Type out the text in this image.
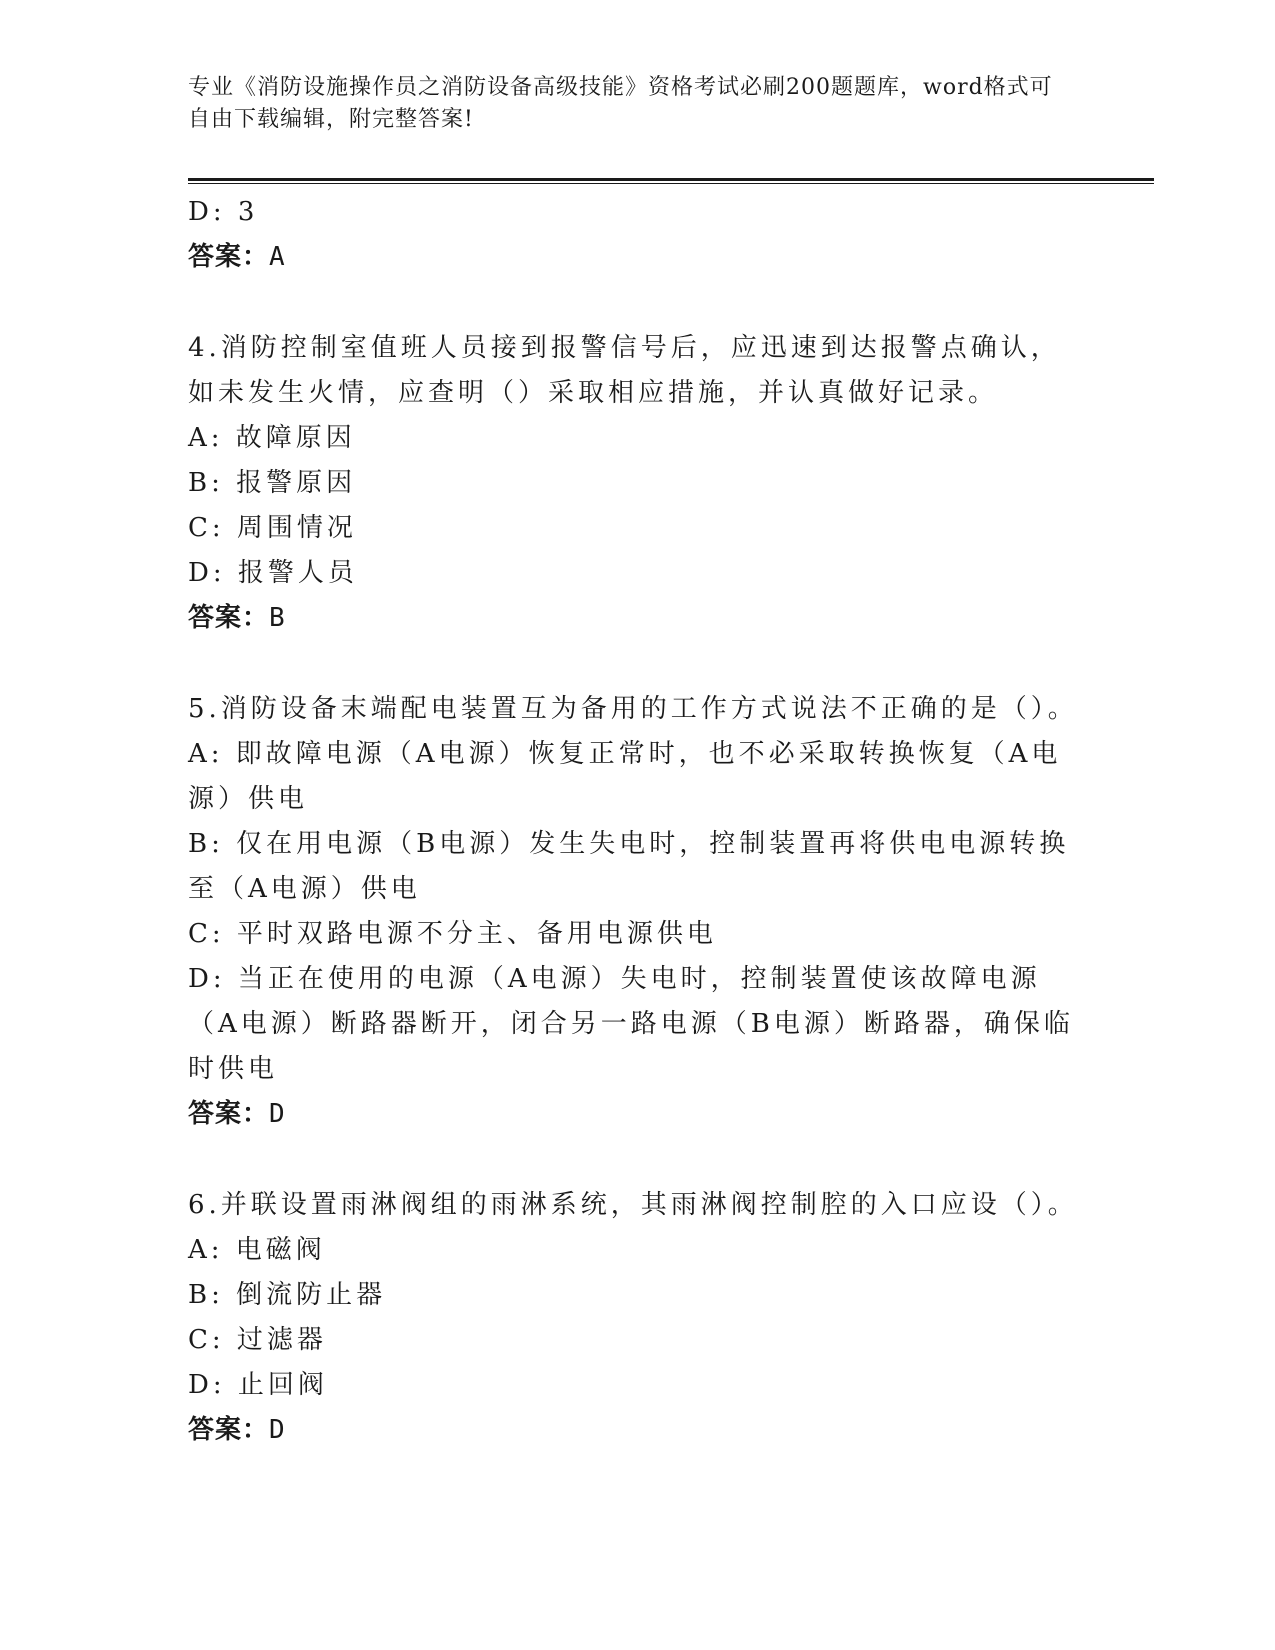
专业《消防设施操作员之消防设备高级技能》资格考试必刷200题题库，word格式可自由下载编辑，附完整答案!
D: 3
答案：A
4.消防控制室值班人员接到报警信号后，应迅速到达报警点确认，如未发生火情，应查明（）采取相应措施，并认真做好记录。
A: 故障原因
B: 报警原因
C: 周围情况
D: 报警人员
答案：B
5.消防设备末端配电装置互为备用的工作方式说法不正确的是（）。
A: 即故障电源（A电源）恢复正常时，也不必采取转换恢复（A电源）供电
B: 仅在用电源（B电源）发生失电时，控制装置再将供电电源转换至（A电源）供电
C: 平时双路电源不分主、备用电源供电
D: 当正在使用的电源（A电源）失电时，控制装置使该故障电源（A电源）断路器断开，闭合另一路电源（B电源）断路器，确保临时供电
答案：D
6.并联设置雨淋阀组的雨淋系统，其雨淋阀控制腔的入口应设（）。
A: 电磁阀
B: 倒流防止器
C: 过滤器
D: 止回阀
答案：D
